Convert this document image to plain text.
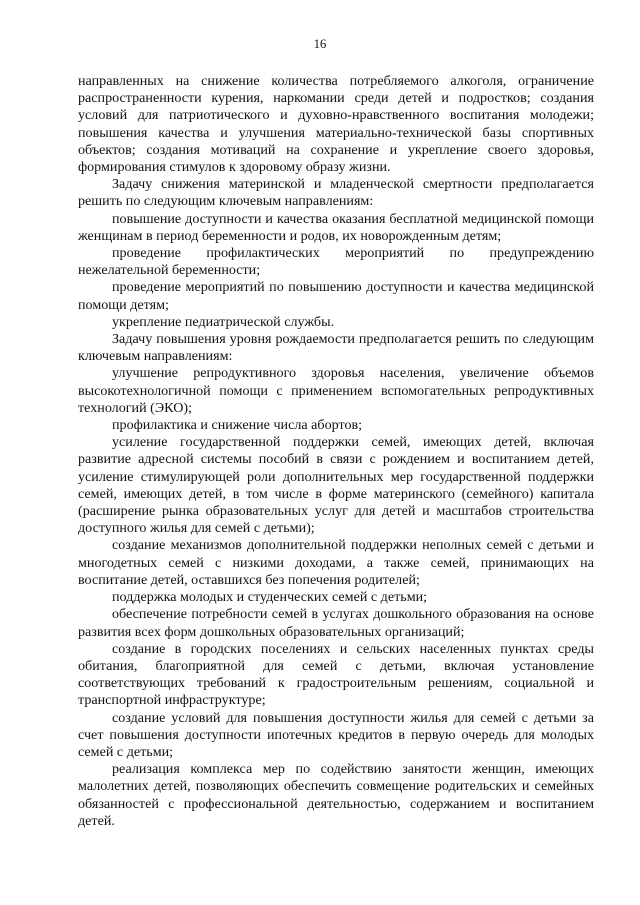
16

направленных на снижение количества потребляемого алкоголя, ограничение распространенности курения, наркомании среди детей и подростков; создания условий для патриотического и духовно-нравственного воспитания молодежи; повышения качества и улучшения материально-технической базы спортивных объектов; создания мотиваций на сохранение и укрепление своего здоровья, формирования стимулов к здоровому образу жизни.

Задачу снижения материнской и младенческой смертности предполагается решить по следующим ключевым направлениям:

повышение доступности и качества оказания бесплатной медицинской помощи женщинам в период беременности и родов, их новорожденным детям;

проведение профилактических мероприятий по предупреждению нежелательной беременности;

проведение мероприятий по повышению доступности и качества медицинской помощи детям;

укрепление педиатрической службы.

Задачу повышения уровня рождаемости предполагается решить по следующим ключевым направлениям:

улучшение репродуктивного здоровья населения, увеличение объемов высокотехнологичной помощи с применением вспомогательных репродуктивных технологий (ЭКО);

профилактика и снижение числа абортов;

усиление государственной поддержки семей, имеющих детей, включая развитие адресной системы пособий в связи с рождением и воспитанием детей, усиление стимулирующей роли дополнительных мер государственной поддержки семей, имеющих детей, в том числе в форме материнского (семейного) капитала (расширение рынка образовательных услуг для детей и масштабов строительства доступного жилья для семей с детьми);

создание механизмов дополнительной поддержки неполных семей с детьми и многодетных семей с низкими доходами, а также семей, принимающих на воспитание детей, оставшихся без попечения родителей;

поддержка молодых и студенческих семей с детьми;

обеспечение потребности семей в услугах дошкольного образования на основе развития всех форм дошкольных образовательных организаций;

создание в городских поселениях и сельских населенных пунктах среды обитания, благоприятной для семей с детьми, включая установление соответствующих требований к градостроительным решениям, социальной и транспортной инфраструктуре;

создание условий для повышения доступности жилья для семей с детьми за счет повышения доступности ипотечных кредитов в первую очередь для молодых семей с детьми;

реализация комплекса мер по содействию занятости женщин, имеющих малолетних детей, позволяющих обеспечить совмещение родительских и семейных обязанностей с профессиональной деятельностью, содержанием и воспитанием детей.
